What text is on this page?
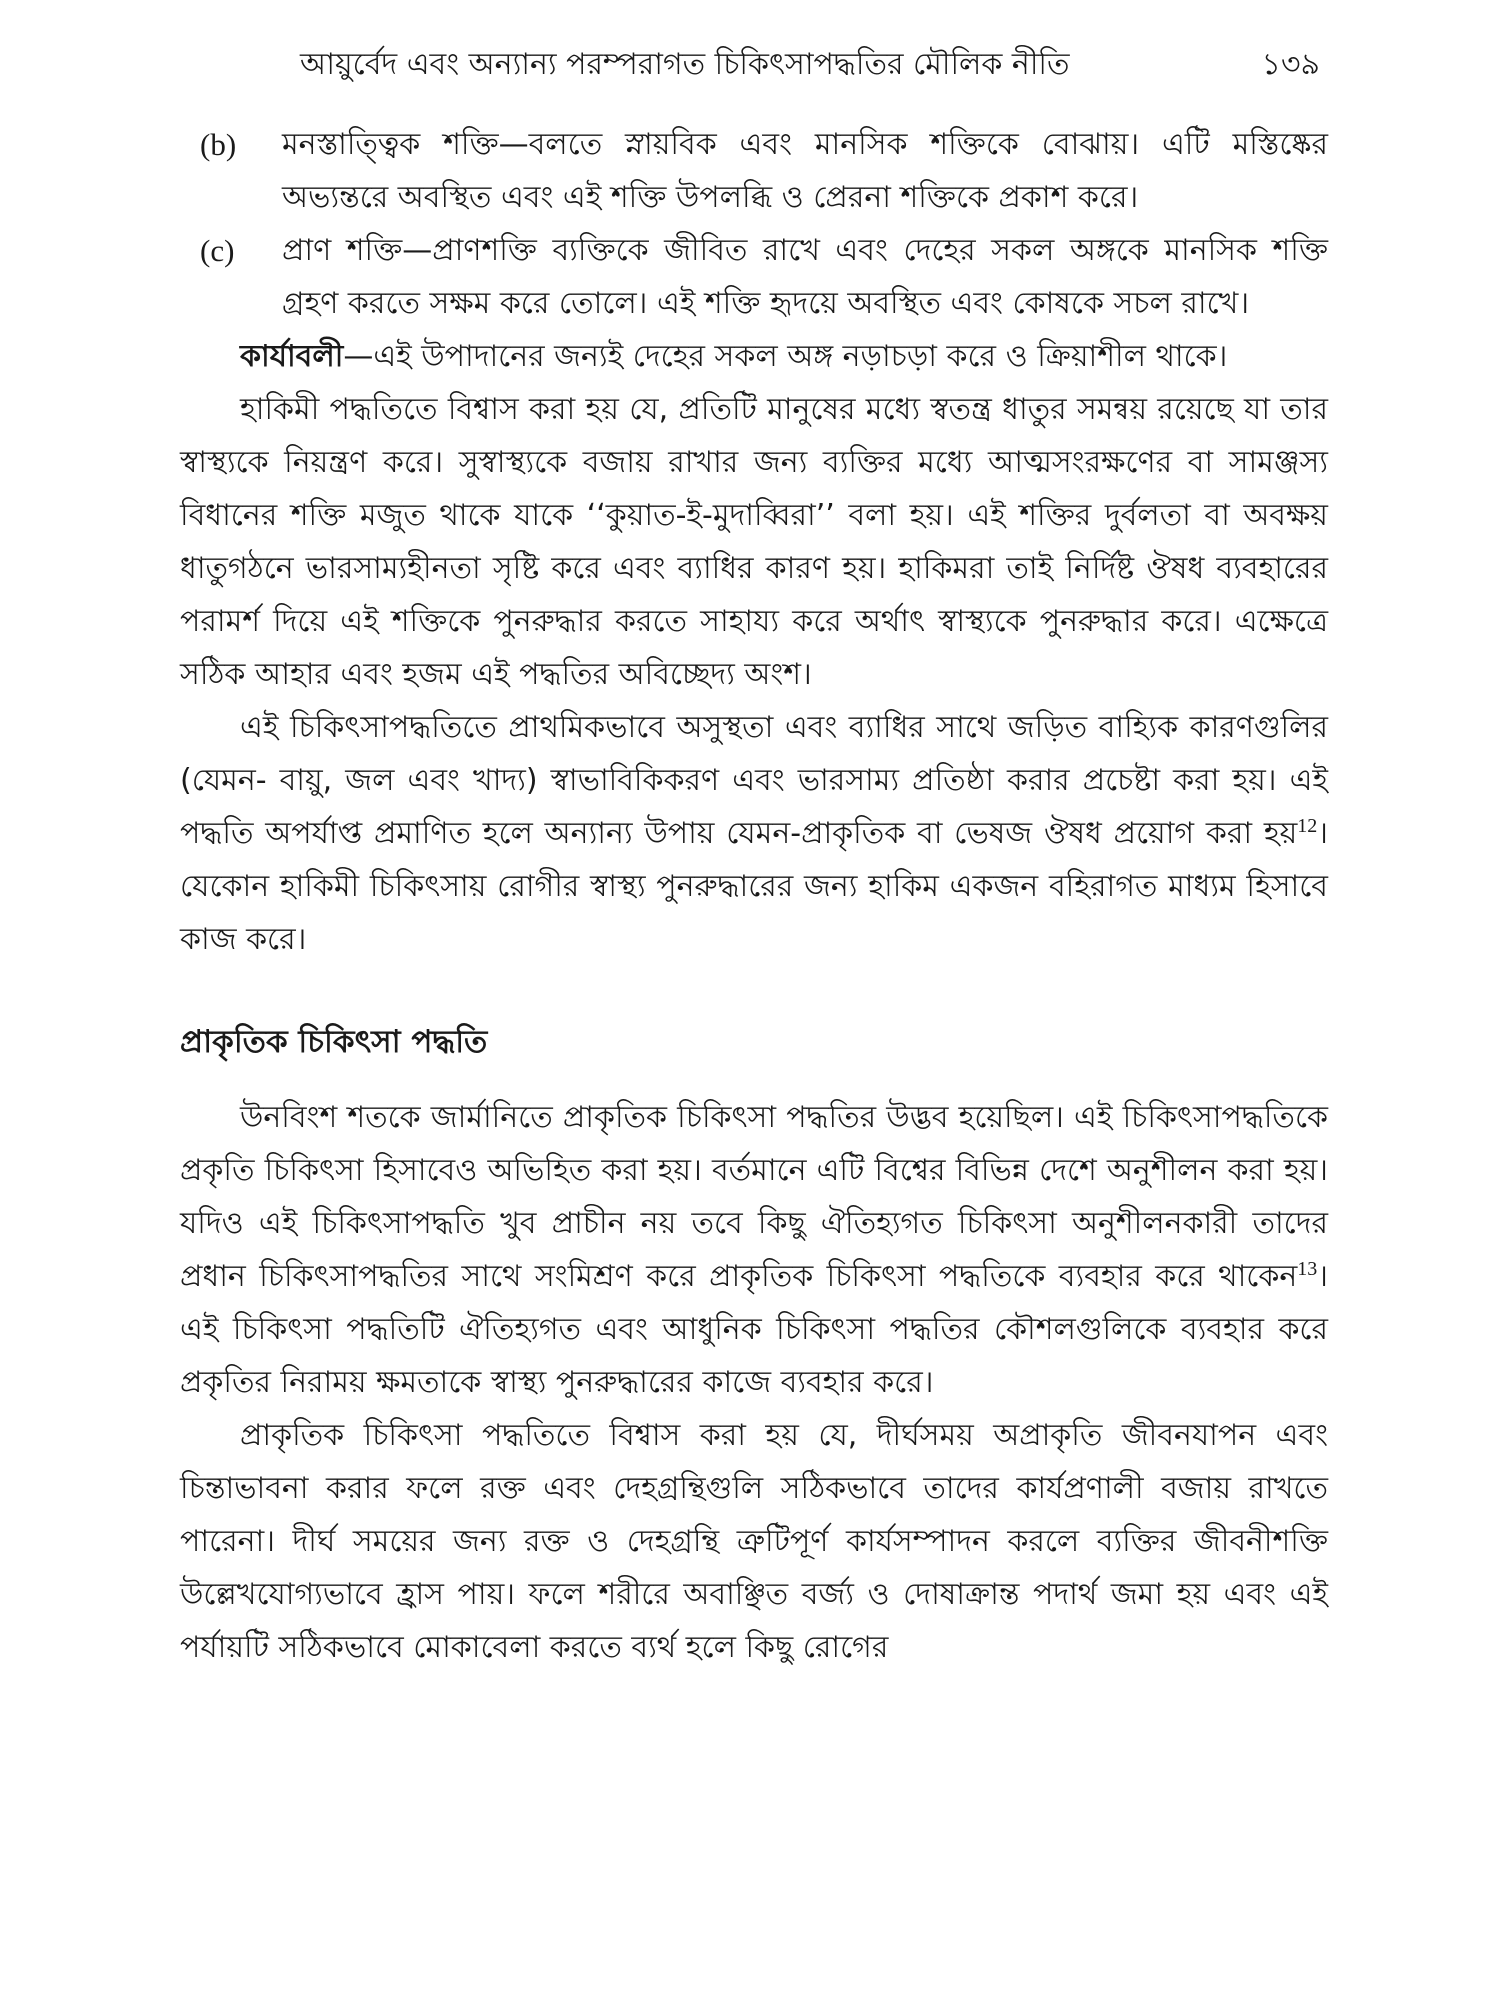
আয়ুর্বেদ এবং অন্যান্য পরম্পরাগত চিকিৎসাপদ্ধতির মৌলিক নীতি	১৩৯
(b) মনস্তাত্ত্বিক শক্তি—বলতে স্নায়বিক এবং মানসিক শক্তিকে বোঝায়। এটি মস্তিষ্কের অভ্যন্তরে অবস্থিত এবং এই শক্তি উপলব্ধি ও প্রেরনা শক্তিকে প্রকাশ করে।

(c) প্রাণ শক্তি—প্রাণশক্তি ব্যক্তিকে জীবিত রাখে এবং দেহের সকল অঙ্গকে মানসিক শক্তি গ্রহণ করতে সক্ষম করে তোলে। এই শক্তি হৃদয়ে অবস্থিত এবং কোষকে সচল রাখে।

কার্যাবলী—এই উপাদানের জন্যই দেহের সকল অঙ্গ নড়াচড়া করে ও ক্রিয়াশীল থাকে।

হাকিমী পদ্ধতিতে বিশ্বাস করা হয় যে, প্রতিটি মানুষের মধ্যে স্বতন্ত্র ধাতুর সমন্বয় রয়েছে যা তার স্বাস্থ্যকে নিয়ন্ত্রণ করে। সুস্বাস্থ্যকে বজায় রাখার জন্য ব্যক্তির মধ্যে আত্মসংরক্ষণের বা সামঞ্জস্য বিধানের শক্তি মজুত থাকে যাকে ‘‘কুয়াত-ই-মুদাব্বিরা’’ বলা হয়। এই শক্তির দুর্বলতা বা অবক্ষয় ধাতুগঠনে ভারসাম্যহীনতা সৃষ্টি করে এবং ব্যাধির কারণ হয়। হাকিমরা তাই নির্দিষ্ট ঔষধ ব্যবহারের পরামর্শ দিয়ে এই শক্তিকে পুনরুদ্ধার করতে সাহায্য করে অর্থাৎ স্বাস্থ্যকে পুনরুদ্ধার করে। এক্ষেত্রে সঠিক আহার এবং হজম এই পদ্ধতির অবিচ্ছেদ্য অংশ।

এই চিকিৎসাপদ্ধতিতে প্রাথমিকভাবে অসুস্থতা এবং ব্যাধির সাথে জড়িত বাহ্যিক কারণগুলির (যেমন- বায়ু, জল এবং খাদ্য) স্বাভাবিকিকরণ এবং ভারসাম্য প্রতিষ্ঠা করার প্রচেষ্টা করা হয়। এই পদ্ধতি অপর্যাপ্ত প্রমাণিত হলে অন্যান্য উপায় যেমন-প্রাকৃতিক বা ভেষজ ঔষধ প্রয়োগ করা হয়$^{12}$। যেকোন হাকিমী চিকিৎসায় রোগীর স্বাস্থ্য পুনরুদ্ধারের জন্য হাকিম একজন বহিরাগত মাধ্যম হিসাবে কাজ করে।

প্রাকৃতিক চিকিৎসা পদ্ধতি

উনবিংশ শতকে জার্মানিতে প্রাকৃতিক চিকিৎসা পদ্ধতির উদ্ভব হয়েছিল। এই চিকিৎসাপদ্ধতিকে প্রকৃতি চিকিৎসা হিসাবেও অভিহিত করা হয়। বর্তমানে এটি বিশ্বের বিভিন্ন দেশে অনুশীলন করা হয়। যদিও এই চিকিৎসাপদ্ধতি খুব প্রাচীন নয় তবে কিছু ঐতিহ্যগত চিকিৎসা অনুশীলনকারী তাদের প্রধান চিকিৎসাপদ্ধতির সাথে সংমিশ্রণ করে প্রাকৃতিক চিকিৎসা পদ্ধতিকে ব্যবহার করে থাকেন$^{13}$। এই চিকিৎসা পদ্ধতিটি ঐতিহ্যগত এবং আধুনিক চিকিৎসা পদ্ধতির কৌশলগুলিকে ব্যবহার করে প্রকৃতির নিরাময় ক্ষমতাকে স্বাস্থ্য পুনরুদ্ধারের কাজে ব্যবহার করে।

প্রাকৃতিক চিকিৎসা পদ্ধতিতে বিশ্বাস করা হয় যে, দীর্ঘসময় অপ্রাকৃতি জীবনযাপন এবং চিন্তাভাবনা করার ফলে রক্ত এবং দেহগ্রন্থিগুলি সঠিকভাবে তাদের কার্যপ্রণালী বজায় রাখতে পারেনা। দীর্ঘ সময়ের জন্য রক্ত ও দেহগ্রন্থি ত্রুটিপূর্ণ কার্যসম্পাদন করলে ব্যক্তির জীবনীশক্তি উল্লেখযোগ্যভাবে হ্রাস পায়। ফলে শরীরে অবাঞ্ছিত বর্জ্য ও দোষাক্রান্ত পদার্থ জমা হয় এবং এই পর্যায়টি সঠিকভাবে মোকাবেলা করতে ব্যর্থ হলে কিছু রোগের
